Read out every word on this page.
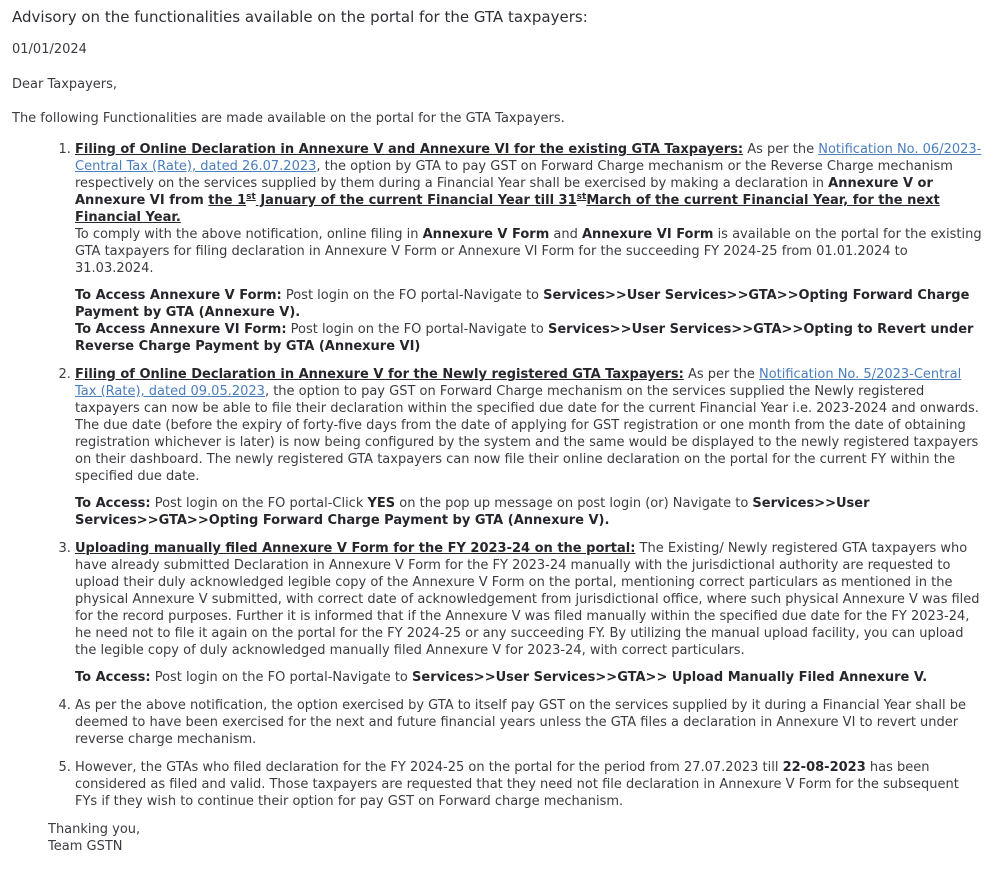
Advisory on the functionalities available on the portal for the GTA taxpayers:
01/01/2024
Dear Taxpayers,
The following Functionalities are made available on the portal for the GTA Taxpayers.

1. Filing of Online Declaration in Annexure V and Annexure VI for the existing GTA Taxpayers: As per the Notification No. 06/2023-Central Tax (Rate), dated 26.07.2023, the option by GTA to pay GST on Forward Charge mechanism or the Reverse Charge mechanism respectively on the services supplied by them during a Financial Year shall be exercised by making a declaration in Annexure V or Annexure VI from the 1st January of the current Financial Year till 31stMarch of the current Financial Year, for the next Financial Year.

To comply with the above notification, online filing in Annexure V Form and Annexure VI Form is available on the portal for the existing GTA taxpayers for filing declaration in Annexure V Form or Annexure VI Form for the succeeding FY 2024-25 from 01.01.2024 to 31.03.2024.

To Access Annexure V Form: Post login on the FO portal-Navigate to Services>>User Services>>GTA>>Opting Forward Charge Payment by GTA (Annexure V).

To Access Annexure VI Form: Post login on the FO portal-Navigate to Services>>User Services>>GTA>>Opting to Revert under Reverse Charge Payment by GTA (Annexure VI)

2. Filing of Online Declaration in Annexure V for the Newly registered GTA Taxpayers: As per the Notification No. 5/2023-Central Tax (Rate), dated 09.05.2023, the option to pay GST on Forward Charge mechanism on the services supplied the Newly registered taxpayers can now be able to file their declaration within the specified due date for the current Financial Year i.e. 2023-2024 and onwards. The due date (before the expiry of forty-five days from the date of applying for GST registration or one month from the date of obtaining registration whichever is later) is now being configured by the system and the same would be displayed to the newly registered taxpayers on their dashboard. The newly registered GTA taxpayers can now file their online declaration on the portal for the current FY within the specified due date.

To Access: Post login on the FO portal-Click YES on the pop up message on post login (or) Navigate to Services>>User Services>>GTA>>Opting Forward Charge Payment by GTA (Annexure V).

3. Uploading manually filed Annexure V Form for the FY 2023-24 on the portal: The Existing/ Newly registered GTA taxpayers who have already submitted Declaration in Annexure V Form for the FY 2023-24 manually with the jurisdictional authority are requested to upload their duly acknowledged legible copy of the Annexure V Form on the portal, mentioning correct particulars as mentioned in the physical Annexure V submitted, with correct date of acknowledgement from jurisdictional office, where such physical Annexure V was filed for the record purposes. Further it is informed that if the Annexure V was filed manually within the specified due date for the FY 2023-24, he need not to file it again on the portal for the FY 2024-25 or any succeeding FY. By utilizing the manual upload facility, you can upload the legible copy of duly acknowledged manually filed Annexure V for 2023-24, with correct particulars.

To Access: Post login on the FO portal-Navigate to Services>>User Services>>GTA>> Upload Manually Filed Annexure V.

4. As per the above notification, the option exercised by GTA to itself pay GST on the services supplied by it during a Financial Year shall be deemed to have been exercised for the next and future financial years unless the GTA files a declaration in Annexure VI to revert under reverse charge mechanism.

5. However, the GTAs who filed declaration for the FY 2024-25 on the portal for the period from 27.07.2023 till 22-08-2023 has been considered as filed and valid. Those taxpayers are requested that they need not file declaration in Annexure V Form for the subsequent FYs if they wish to continue their option for pay GST on Forward charge mechanism.

Thanking you,
Team GSTN
